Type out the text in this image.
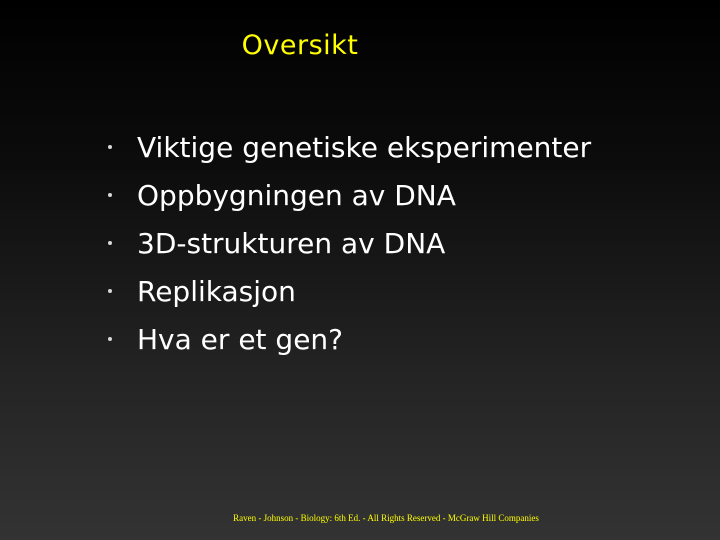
Oversikt
Viktige genetiske eksperimenter
Oppbygningen av DNA
3D-strukturen av DNA
Replikasjon
Hva er et gen?
Raven - Johnson - Biology: 6th Ed. - All Rights Reserved - McGraw Hill Companies
